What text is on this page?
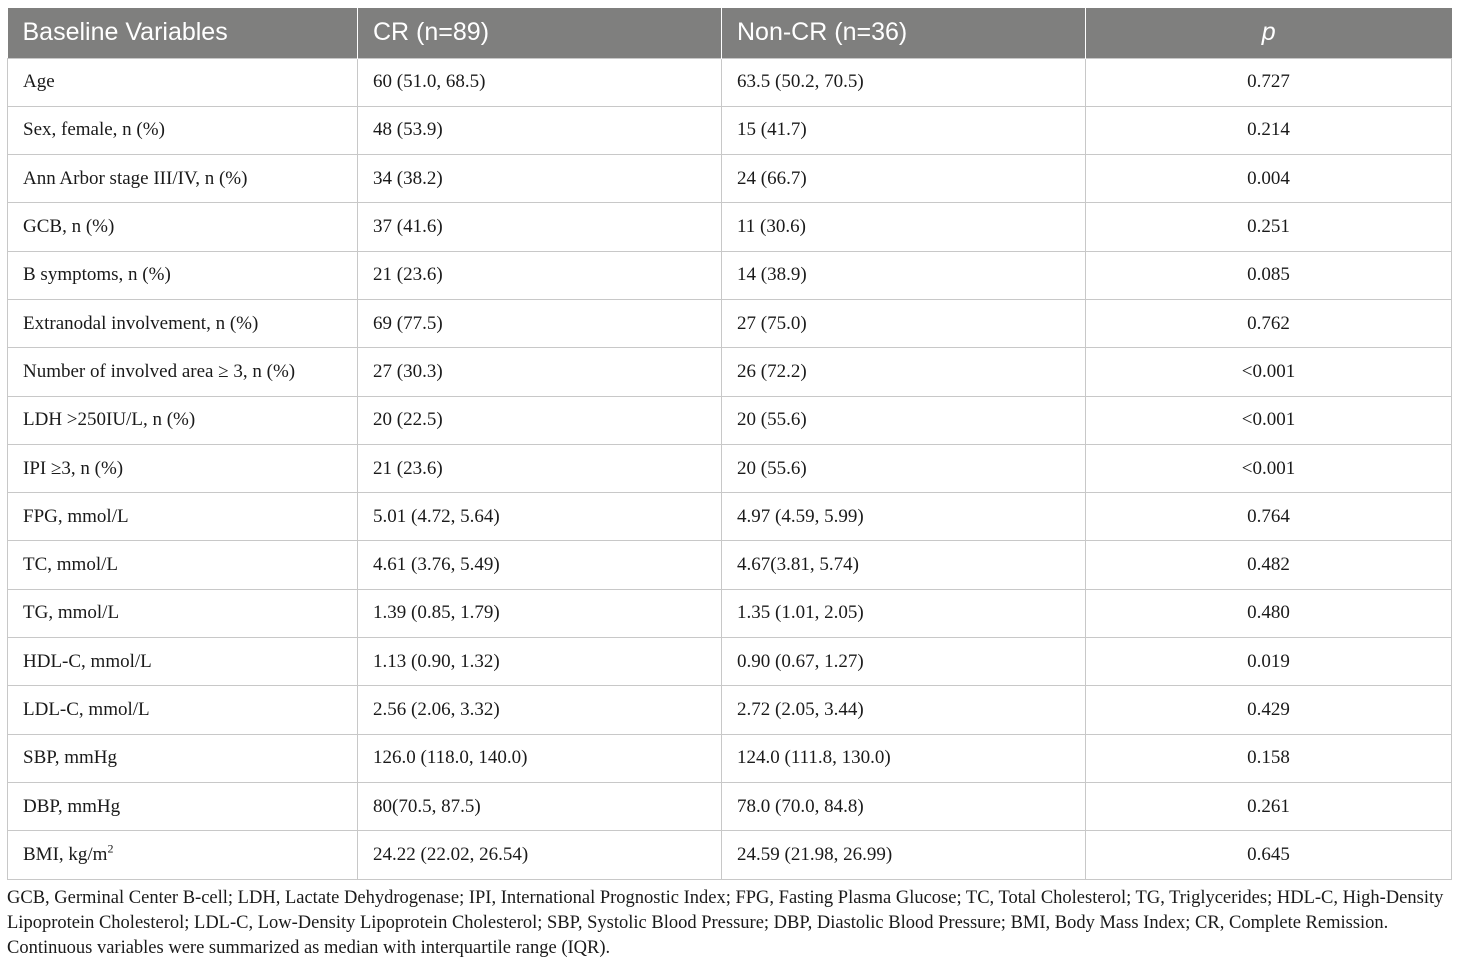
Baseline Variables	CR (n=89)	Non-CR (n=36)	p
Age	60 (51.0, 68.5)	63.5 (50.2, 70.5)	0.727
Sex, female, n (%)	48 (53.9)	15 (41.7)	0.214
Ann Arbor stage III/IV, n (%)	34 (38.2)	24 (66.7)	0.004
GCB, n (%)	37 (41.6)	11 (30.6)	0.251
B symptoms, n (%)	21 (23.6)	14 (38.9)	0.085
Extranodal involvement, n (%)	69 (77.5)	27 (75.0)	0.762
Number of involved area ≥ 3, n (%)	27 (30.3)	26 (72.2)	<0.001
LDH >250IU/L, n (%)	20 (22.5)	20 (55.6)	<0.001
IPI ≥3, n (%)	21 (23.6)	20 (55.6)	<0.001
FPG, mmol/L	5.01 (4.72, 5.64)	4.97 (4.59, 5.99)	0.764
TC, mmol/L	4.61 (3.76, 5.49)	4.67(3.81, 5.74)	0.482
TG, mmol/L	1.39 (0.85, 1.79)	1.35 (1.01, 2.05)	0.480
HDL-C, mmol/L	1.13 (0.90, 1.32)	0.90 (0.67, 1.27)	0.019
LDL-C, mmol/L	2.56 (2.06, 3.32)	2.72 (2.05, 3.44)	0.429
SBP, mmHg	126.0 (118.0, 140.0)	124.0 (111.8, 130.0)	0.158
DBP, mmHg	80(70.5, 87.5)	78.0 (70.0, 84.8)	0.261
BMI, $kg/m^2$	24.22 (22.02, 26.54)	24.59 (21.98, 26.99)	0.645

GCB, Germinal Center B-cell; LDH, Lactate Dehydrogenase; IPI, International Prognostic Index; FPG, Fasting Plasma Glucose; TC, Total Cholesterol; TG, Triglycerides; HDL-C, High-Density Lipoprotein Cholesterol; LDL-C, Low-Density Lipoprotein Cholesterol; SBP, Systolic Blood Pressure; DBP, Diastolic Blood Pressure; BMI, Body Mass Index; CR, Complete Remission.

Continuous variables were summarized as median with interquartile range (IQR).
